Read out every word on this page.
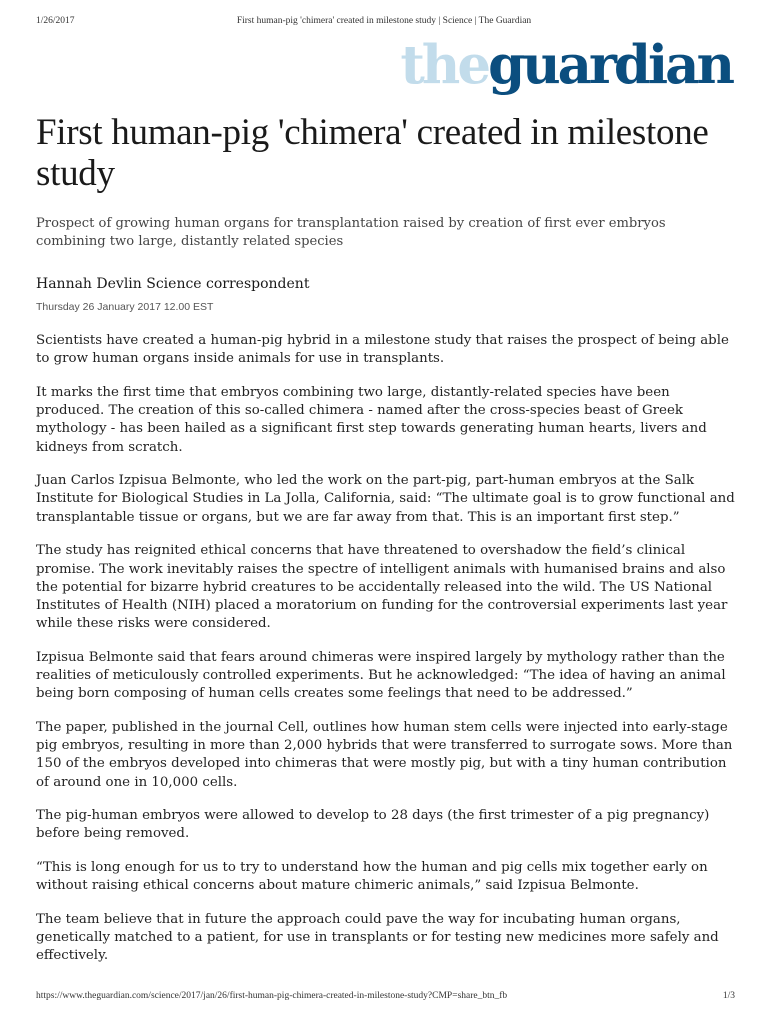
1/26/2017	First human-pig 'chimera' created in milestone study | Science | The Guardian
theguardian
First human-pig 'chimera' created in milestone study

Prospect of growing human organs for transplantation raised by creation of first ever embryos combining two large, distantly related species

Hannah Devlin Science correspondent
Thursday 26 January 2017 12.00 EST

Scientists have created a human-pig hybrid in a milestone study that raises the prospect of being able to grow human organs inside animals for use in transplants.

It marks the first time that embryos combining two large, distantly-related species have been produced. The creation of this so-called chimera - named after the cross-species beast of Greek mythology - has been hailed as a significant first step towards generating human hearts, livers and kidneys from scratch.

Juan Carlos Izpisua Belmonte, who led the work on the part-pig, part-human embryos at the Salk Institute for Biological Studies in La Jolla, California, said: “The ultimate goal is to grow functional and transplantable tissue or organs, but we are far away from that. This is an important first step.”

The study has reignited ethical concerns that have threatened to overshadow the field’s clinical promise. The work inevitably raises the spectre of intelligent animals with humanised brains and also the potential for bizarre hybrid creatures to be accidentally released into the wild. The US National Institutes of Health (NIH) placed a moratorium on funding for the controversial experiments last year while these risks were considered.

Izpisua Belmonte said that fears around chimeras were inspired largely by mythology rather than the realities of meticulously controlled experiments. But he acknowledged: “The idea of having an animal being born composing of human cells creates some feelings that need to be addressed.”

The paper, published in the journal Cell, outlines how human stem cells were injected into early-stage pig embryos, resulting in more than 2,000 hybrids that were transferred to surrogate sows. More than 150 of the embryos developed into chimeras that were mostly pig, but with a tiny human contribution of around one in 10,000 cells.

The pig-human embryos were allowed to develop to 28 days (the first trimester of a pig pregnancy) before being removed.

“This is long enough for us to try to understand how the human and pig cells mix together early on without raising ethical concerns about mature chimeric animals,” said Izpisua Belmonte.

The team believe that in future the approach could pave the way for incubating human organs, genetically matched to a patient, for use in transplants or for testing new medicines more safely and effectively.

https://www.theguardian.com/science/2017/jan/26/first-human-pig-chimera-created-in-milestone-study?CMP=share_btn_fb	1/3
